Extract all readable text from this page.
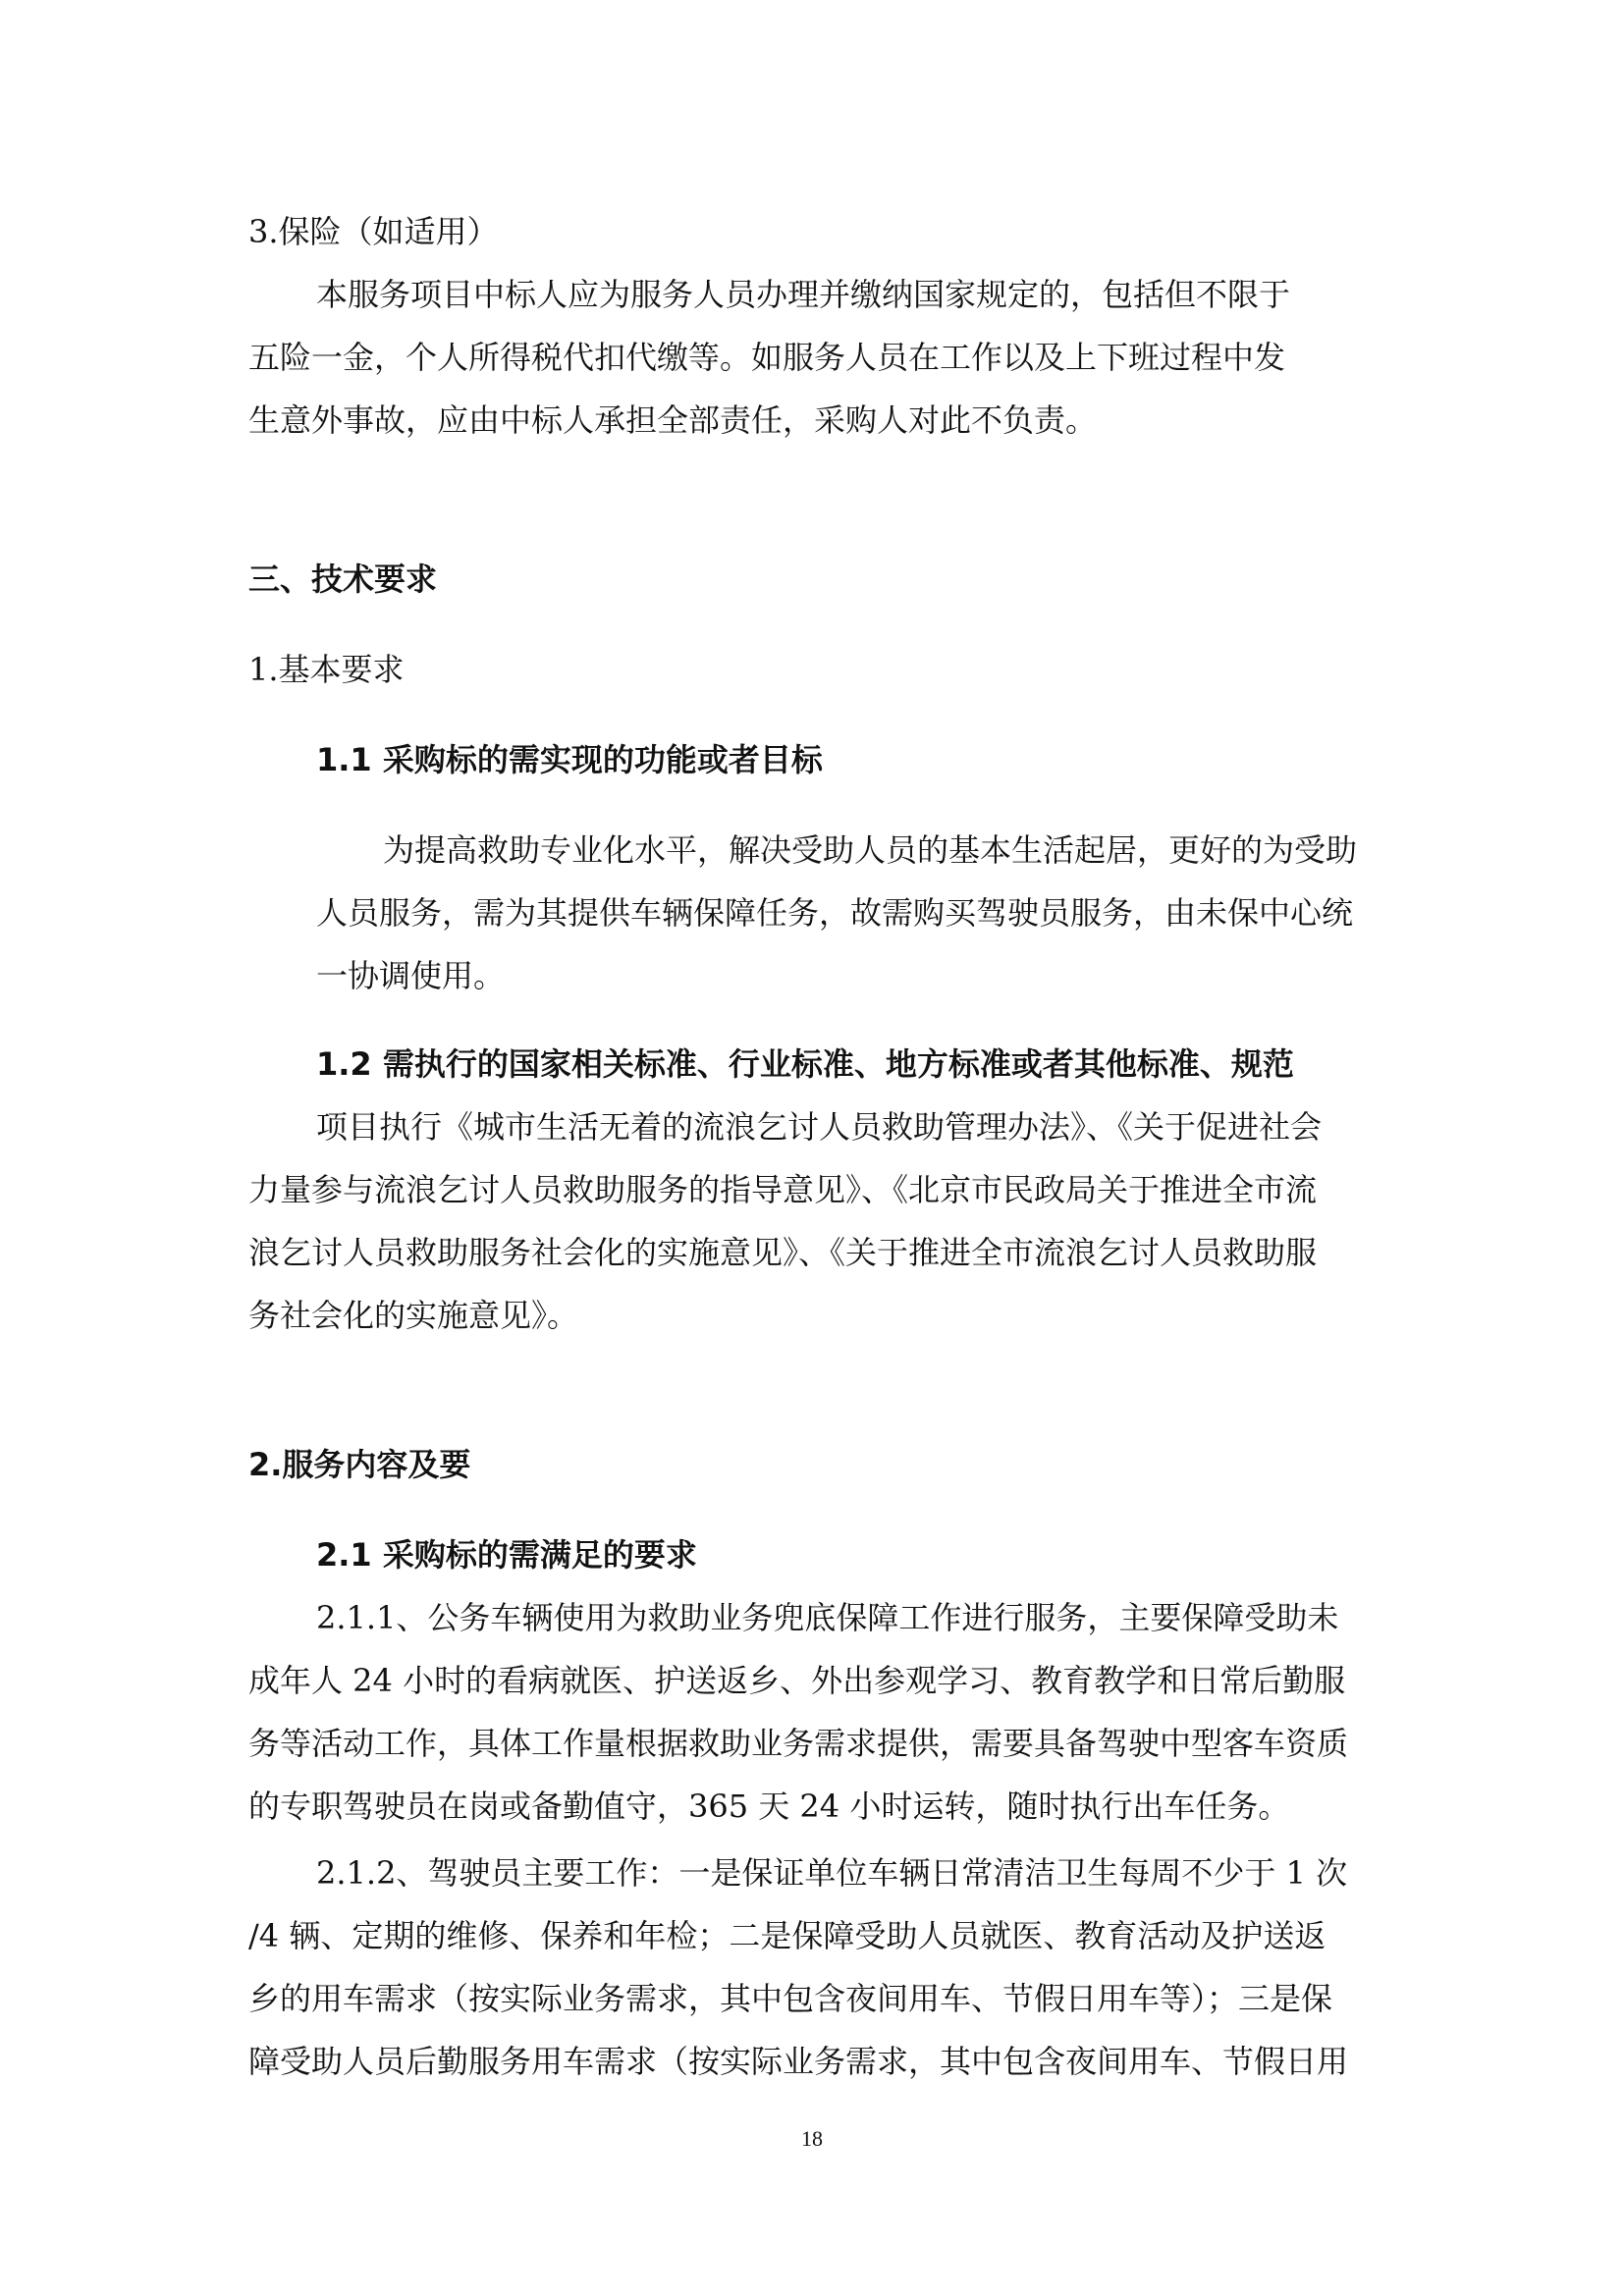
3.保险（如适用）
本服务项目中标人应为服务人员办理并缴纳国家规定的，包括但不限于
五险一金，个人所得税代扣代缴等。如服务人员在工作以及上下班过程中发
生意外事故，应由中标人承担全部责任，采购人对此不负责。
三、技术要求
1.基本要求
1.1 采购标的需实现的功能或者目标
为提高救助专业化水平，解决受助人员的基本生活起居，更好的为受助
人员服务，需为其提供车辆保障任务，故需购买驾驶员服务，由未保中心统
一协调使用。
1.2 需执行的国家相关标准、行业标准、地方标准或者其他标准、规范
项目执行《城市生活无着的流浪乞讨人员救助管理办法》、《关于促进社会
力量参与流浪乞讨人员救助服务的指导意见》、《北京市民政局关于推进全市流
浪乞讨人员救助服务社会化的实施意见》、《关于推进全市流浪乞讨人员救助服
务社会化的实施意见》。
2.服务内容及要
2.1 采购标的需满足的要求
2.1.1、公务车辆使用为救助业务兜底保障工作进行服务，主要保障受助未
成年人 24 小时的看病就医、护送返乡、外出参观学习、教育教学和日常后勤服
务等活动工作，具体工作量根据救助业务需求提供，需要具备驾驶中型客车资质
的专职驾驶员在岗或备勤值守，365 天 24 小时运转，随时执行出车任务。
2.1.2、驾驶员主要工作：一是保证单位车辆日常清洁卫生每周不少于 1 次
/4 辆、定期的维修、保养和年检；二是保障受助人员就医、教育活动及护送返
乡的用车需求（按实际业务需求，其中包含夜间用车、节假日用车等）；三是保
障受助人员后勤服务用车需求（按实际业务需求，其中包含夜间用车、节假日用
18
